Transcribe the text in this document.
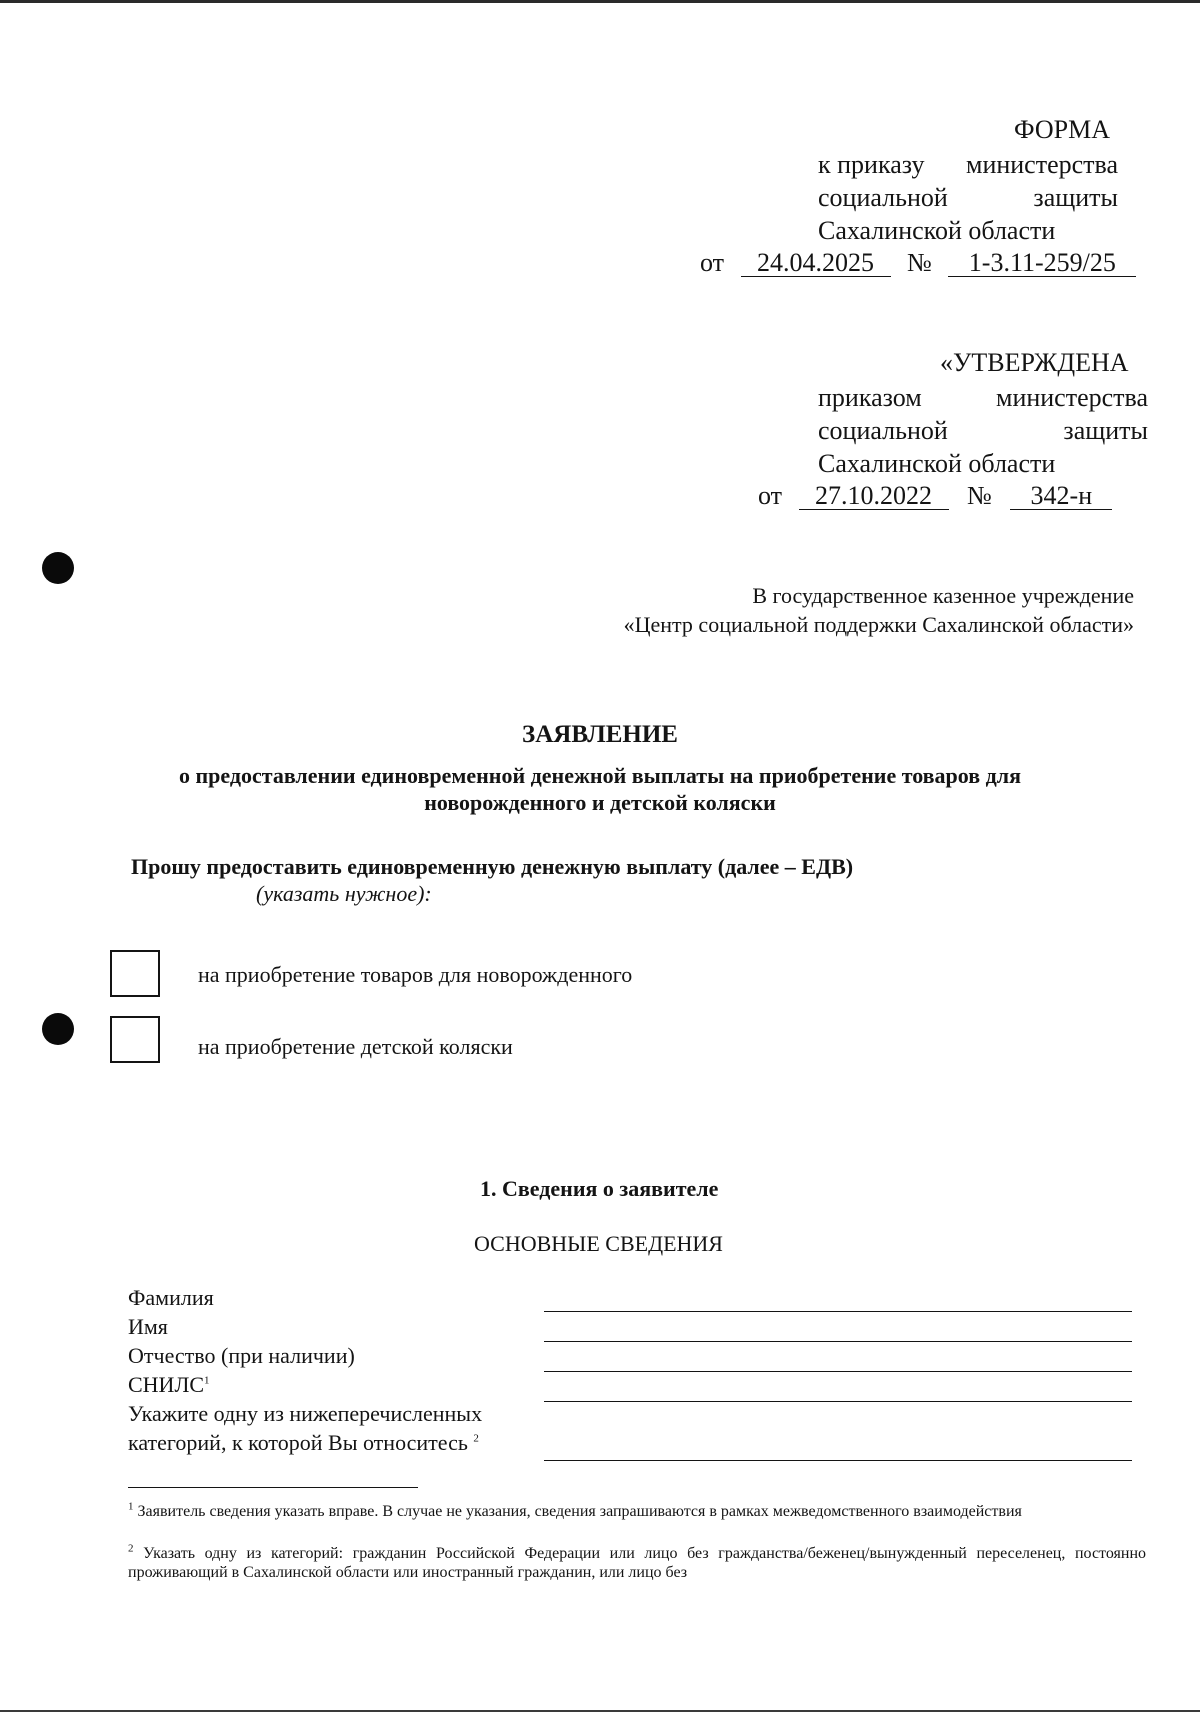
ФОРМА
к приказу министерства
социальной	защиты
Сахалинской области
от 24.04.2025 № 1-3.11-259/25
«УТВЕРЖДЕНА
приказом	министерства
социальной	защиты
Сахалинской области
от 27.10.2022 № 342-н
В государственное казенное учреждение
«Центр социальной поддержки Сахалинской области»
ЗАЯВЛЕНИЕ
о предоставлении единовременной денежной выплаты на приобретение товаров для
новорожденного и детской коляски
Прошу предоставить единовременную денежную выплату (далее – ЕДВ)
(указать нужное):
на приобретение товаров для новорожденного
на приобретение детской коляски
1. Сведения о заявителе
ОСНОВНЫЕ СВЕДЕНИЯ
Фамилия
Имя
Отчество (при наличии)
СНИЛС$^1$
Укажите одну из нижеперечисленных
категорий, к которой Вы относитесь $^2$
$^1$ Заявитель сведения указать вправе. В случае не указания, сведения запрашиваются в рамках межведомственного взаимодействия
$^2$ Указать одну из категорий: гражданин Российской Федерации или лицо без гражданства/беженец/вынужденный переселенец, постоянно проживающий в Сахалинской области или иностранный гражданин, или лицо без
